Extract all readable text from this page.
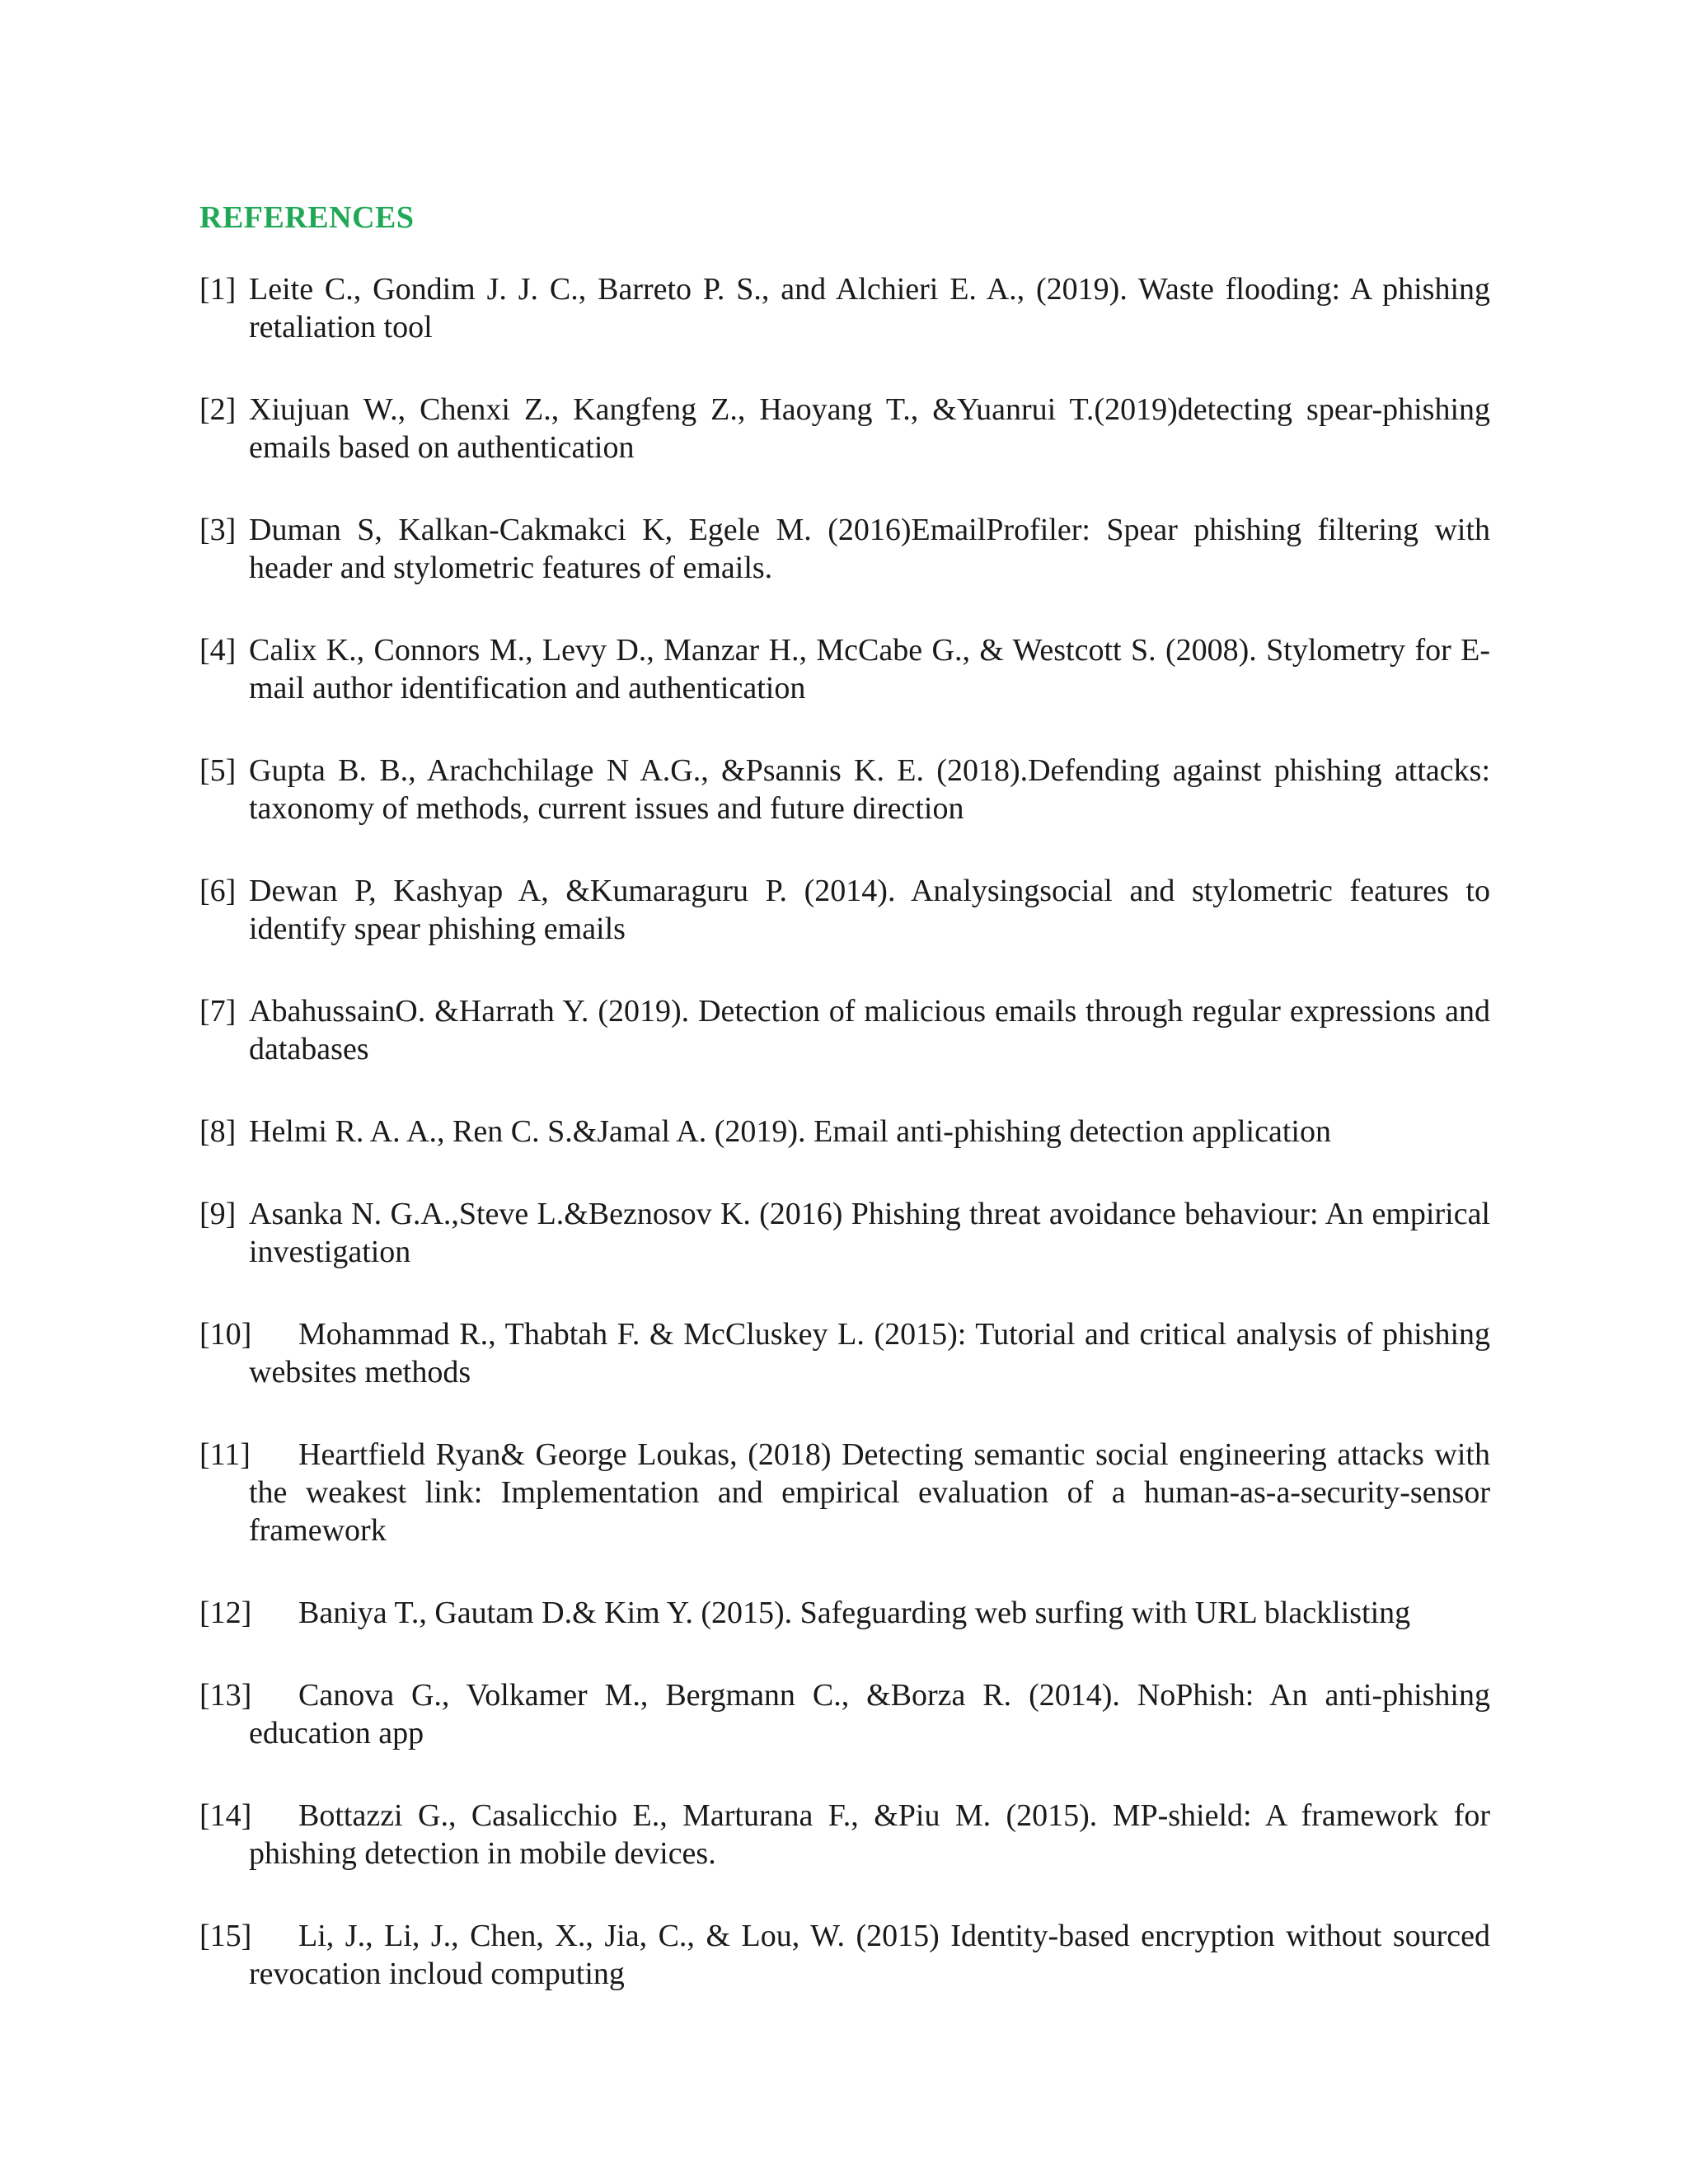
REFERENCES
[1] Leite C., Gondim J. J. C., Barreto P. S., and Alchieri E. A., (2019). Waste flooding: A phishing retaliation tool
[2] Xiujuan W., Chenxi Z., Kangfeng Z., Haoyang T., &Yuanrui T.(2019)detecting spear-phishing emails based on authentication
[3] Duman S, Kalkan-Cakmakci K, Egele M. (2016)EmailProfiler: Spear phishing filtering with header and stylometric features of emails.
[4] Calix K., Connors M., Levy D., Manzar H., McCabe G., & Westcott S. (2008). Stylometry for E-mail author identification and authentication
[5] Gupta B. B., Arachchilage N A.G., &Psannis K. E. (2018).Defending against phishing attacks: taxonomy of methods, current issues and future direction
[6] Dewan P, Kashyap A, &Kumaraguru P. (2014). Analysingsocial and stylometric features to identify spear phishing emails
[7] AbahussainO. &Harrath Y. (2019). Detection of malicious emails through regular expressions and databases
[8] Helmi R. A. A., Ren C. S.&Jamal A. (2019). Email anti-phishing detection application
[9] Asanka N. G.A.,Steve L.&Beznosov K. (2016) Phishing threat avoidance behaviour: An empirical investigation
[10]	Mohammad R., Thabtah F. & McCluskey L. (2015): Tutorial and critical analysis of phishing websites methods
[11]	Heartfield Ryan& George Loukas, (2018) Detecting semantic social engineering attacks with the weakest link: Implementation and empirical evaluation of a human-as-a-security-sensor framework
[12]	Baniya T., Gautam D.& Kim Y. (2015). Safeguarding web surfing with URL blacklisting
[13]	Canova G., Volkamer M., Bergmann C., &Borza R. (2014). NoPhish: An anti-phishing education app
[14]	Bottazzi G., Casalicchio E., Marturana F., &Piu M. (2015). MP-shield: A framework for phishing detection in mobile devices.
[15]	Li, J., Li, J., Chen, X., Jia, C., & Lou, W. (2015) Identity-based encryption without sourced revocation incloud computing
